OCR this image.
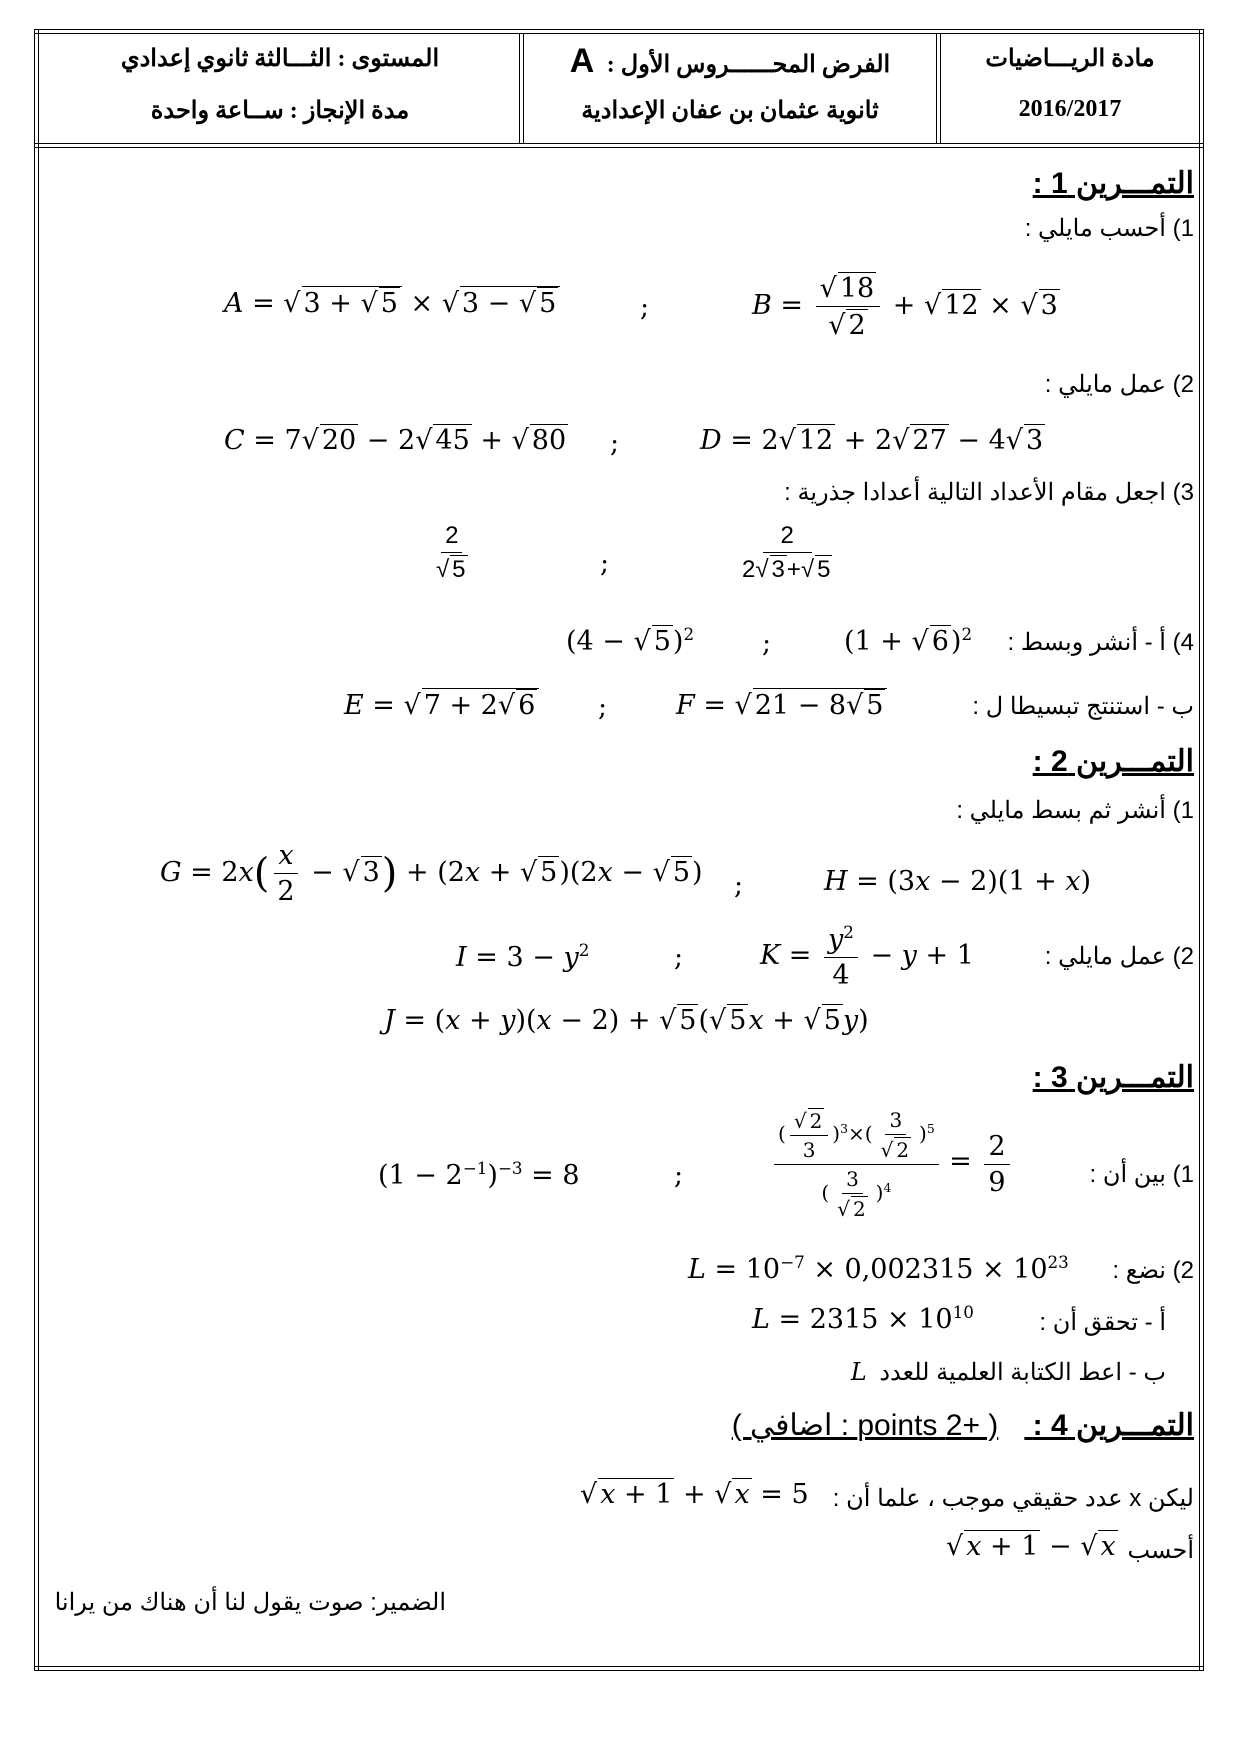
المستوى : الثـــالثة ثانوي إعدادي
مدة الإنجاز : ســاعة واحدة
الفرض المحــــــروس الأول : A
ثانوية عثمان بن عفان الإعدادية
مادة الريـــاضيات
2016/2017
التمـــرين 1 :
1) أحسب مايلي :
A = √ 3 + √ 5 × √ 3 − √ 5	;	$B = \frac{√ 18}{√ 2}$ + √ 12 × √ 3
2) عمل مايلي :
C = 7√ 20 − 2√ 45 + √ 80 ;	D = 2√ 12 + 2√ 27 − 4√ 3
3) اجعل مقام الأعداد التالية أعدادا جذرية :
$\frac{2}{√ 5}$	;	$\frac{2}{2√ 3+√ 5}$
4) أ - أنشر وبسط :
(4 − √ 5)$^2$	;	(1 + √ 6)$^2$
ب - استنتج تبسيطا ل :
E = √ 7 + 2√ 6 ;	F = √ 21 − 8√ 5
التمـــرين 2 :
1) أنشر ثم بسط مايلي :
$G = 2x( \frac{x}{2}$ − √ 3) + (2x + √ 5)(2x − √ 5) ;	H = (3x − 2)(1 + x)
2) عمل مايلي :
$I = 3 - y^2$	;	$K = \frac{y^2}{4} - y + 1$
J = (x + y)(x − 2) + √ 5(√ 5x + √ 5y)
التمـــرين 3 :
1) بين أن :
$(1 - 2^{-1})^{-3} = 8$	;	$\frac{( \frac{√ 2}{3} )^3\times( \frac{3}{√ 2} )^5}{( \frac{3}{√ 2} )^4} = \frac{2}{9}$
2) نضع :
$L = 10^{-7} \times 0,002315 \times 10^{23}$
أ - تحقق أن :
$L = 2315 \times 10^{10}$
ب - اعط الكتابة العلمية للعدد L
التمـــرين 4 : ( +2 points : اضافي )
ليكن x عدد حقيقي موجب ، علما أن :
√ x + 1 + √ x = 5
أحسب
√ x + 1 − √ x
الضمير: صوت يقول لنا أن هناك من يرانا
